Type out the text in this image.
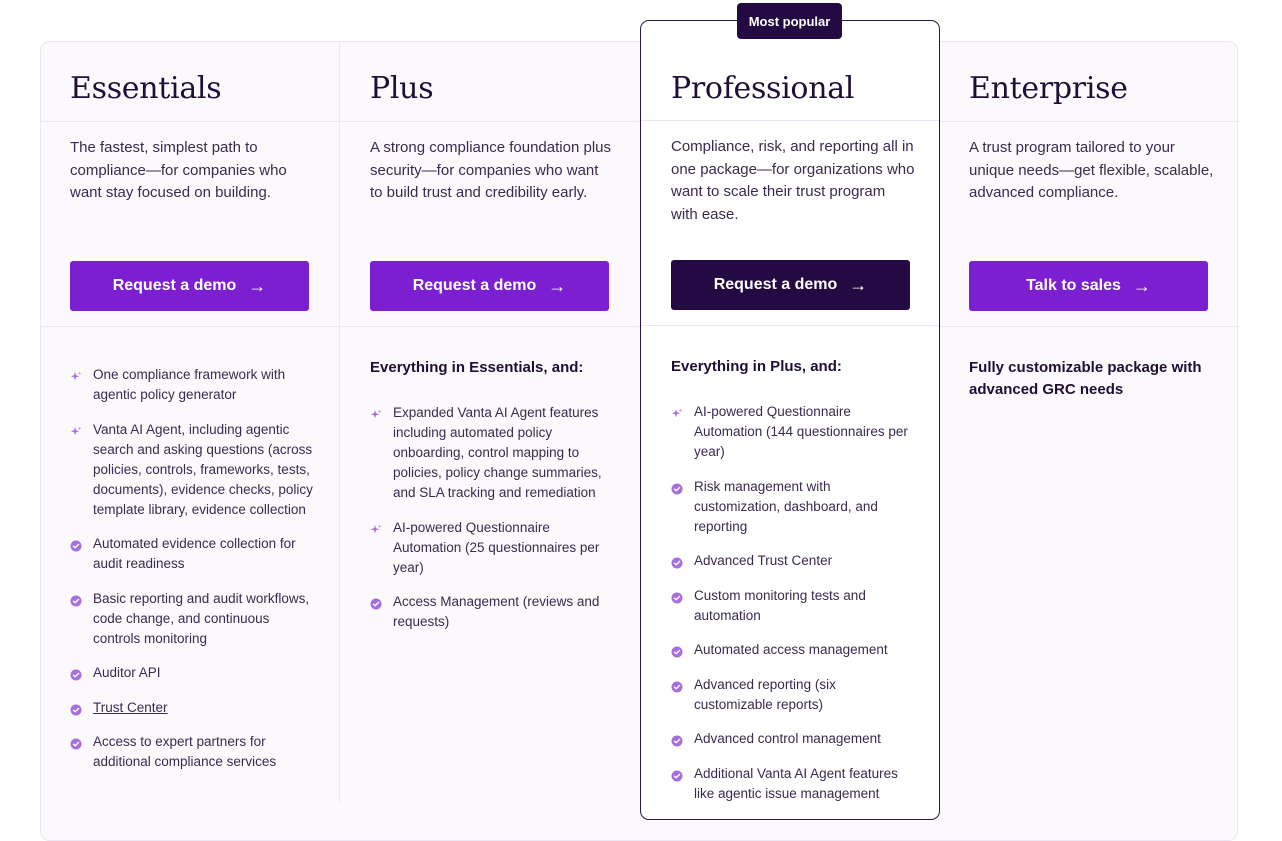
Essentials

The fastest, simplest path to compliance—for companies who want stay focused on building.

Request a demo →
One compliance framework with agentic policy generator
Vanta AI Agent, including agentic search and asking questions (across policies, controls, frameworks, tests, documents), evidence checks, policy template library, evidence collection
Automated evidence collection for audit readiness
Basic reporting and audit workflows, code change, and continuous controls monitoring
Auditor API
Trust Center
Access to expert partners for additional compliance services
Plus

A strong compliance foundation plus security—for companies who want to build trust and credibility early.

Request a demo →

Everything in Essentials, and:

Expanded Vanta AI Agent features including automated policy onboarding, control mapping to policies, policy change summaries, and SLA tracking and remediation
AI-powered Questionnaire Automation (25 questionnaires per year)
Access Management (reviews and requests)
Professional

Compliance, risk, and reporting all in one package—for organizations who want to scale their trust program with ease.

Request a demo →

Everything in Plus, and:

AI-powered Questionnaire Automation (144 questionnaires per year)
Risk management with customization, dashboard, and reporting
Advanced Trust Center
Custom monitoring tests and automation
Automated access management
Advanced reporting (six customizable reports)
Advanced control management
Additional Vanta AI Agent features like agentic issue management
Most popular
Enterprise

A trust program tailored to your unique needs—get flexible, scalable, advanced compliance.

Talk to sales →

Fully customizable package with advanced GRC needs
